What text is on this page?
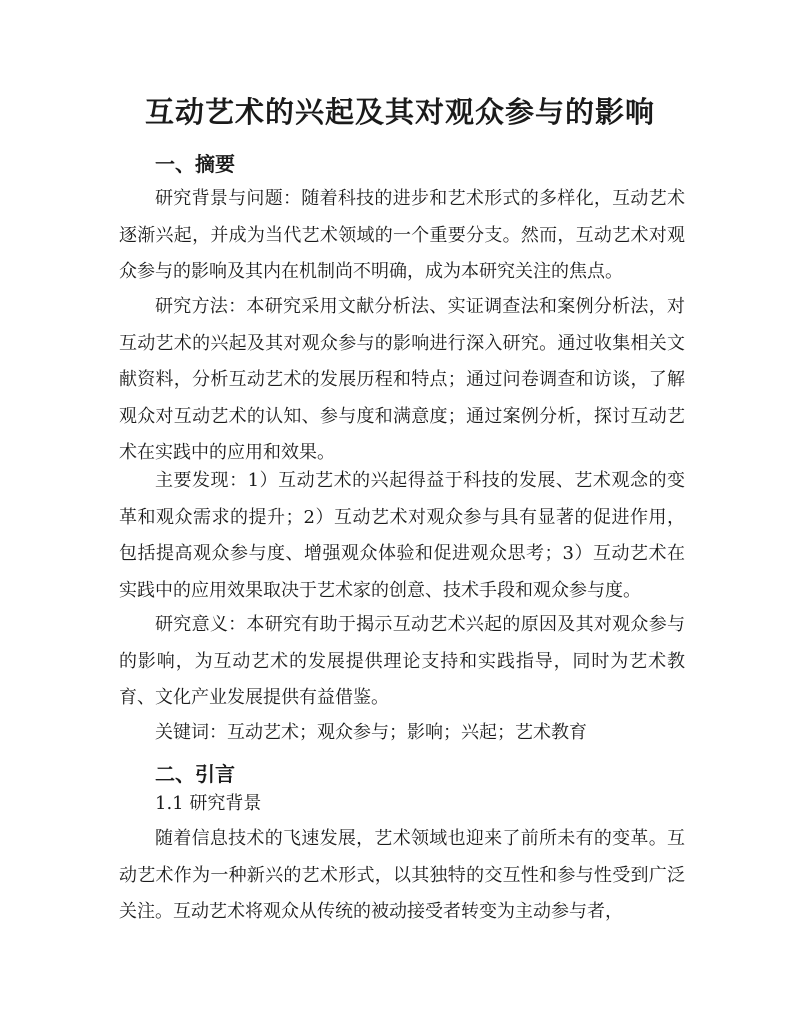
互动艺术的兴起及其对观众参与的影响
一、摘要
研究背景与问题：随着科技的进步和艺术形式的多样化，互动艺术逐渐兴起，并成为当代艺术领域的一个重要分支。然而，互动艺术对观众参与的影响及其内在机制尚不明确，成为本研究关注的焦点。
研究方法：本研究采用文献分析法、实证调查法和案例分析法，对互动艺术的兴起及其对观众参与的影响进行深入研究。通过收集相关文献资料，分析互动艺术的发展历程和特点；通过问卷调查和访谈，了解观众对互动艺术的认知、参与度和满意度；通过案例分析，探讨互动艺术在实践中的应用和效果。
主要发现：1）互动艺术的兴起得益于科技的发展、艺术观念的变革和观众需求的提升；2）互动艺术对观众参与具有显著的促进作用，包括提高观众参与度、增强观众体验和促进观众思考；3）互动艺术在实践中的应用效果取决于艺术家的创意、技术手段和观众参与度。
研究意义：本研究有助于揭示互动艺术兴起的原因及其对观众参与的影响，为互动艺术的发展提供理论支持和实践指导，同时为艺术教育、文化产业发展提供有益借鉴。
关键词：互动艺术；观众参与；影响；兴起；艺术教育
二、引言
1.1 研究背景
随着信息技术的飞速发展，艺术领域也迎来了前所未有的变革。互动艺术作为一种新兴的艺术形式，以其独特的交互性和参与性受到广泛关注。互动艺术将观众从传统的被动接受者转变为主动参与者，
